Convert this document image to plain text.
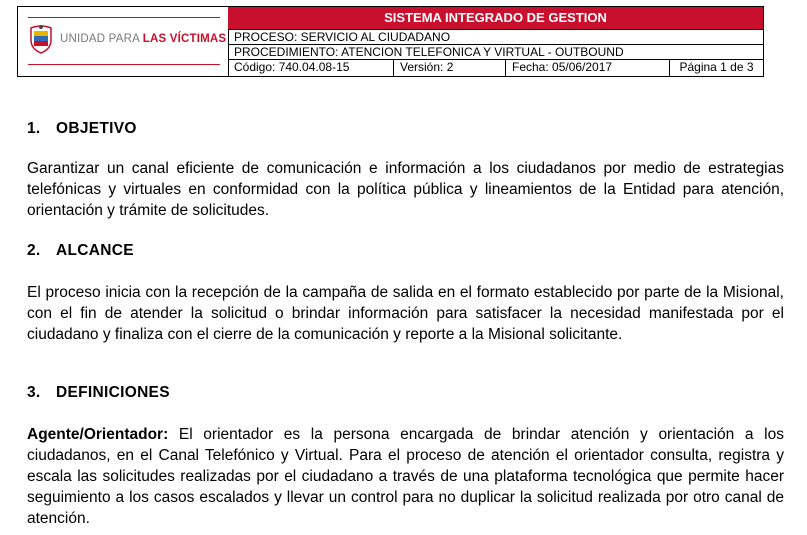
UNIDAD PARA LAS VÍCTIMAS
SISTEMA INTEGRADO DE GESTION
PROCESO: SERVICIO AL CIUDADANO
PROCEDIMIENTO: ATENCION TELEFONICA Y VIRTUAL - OUTBOUND
Código: 740.04.08-15	Versión: 2	Fecha: 05/06/2017	Página 1 de 3
1. OBJETIVO

Garantizar un canal eficiente de comunicación e información a los ciudadanos por medio de estrategias telefónicas y virtuales en conformidad con la política pública y lineamientos de la Entidad para atención, orientación y trámite de solicitudes.

2. ALCANCE

El proceso inicia con la recepción de la campaña de salida en el formato establecido por parte de la Misional, con el fin de atender la solicitud o brindar información para satisfacer la necesidad manifestada por el ciudadano y finaliza con el cierre de la comunicación y reporte a la Misional solicitante.

3. DEFINICIONES

Agente/Orientador: El orientador es la persona encargada de brindar atención y orientación a los ciudadanos, en el Canal Telefónico y Virtual. Para el proceso de atención el orientador consulta, registra y escala las solicitudes realizadas por el ciudadano a través de una plataforma tecnológica que permite hacer seguimiento a los casos escalados y llevar un control para no duplicar la solicitud realizada por otro canal de atención.
